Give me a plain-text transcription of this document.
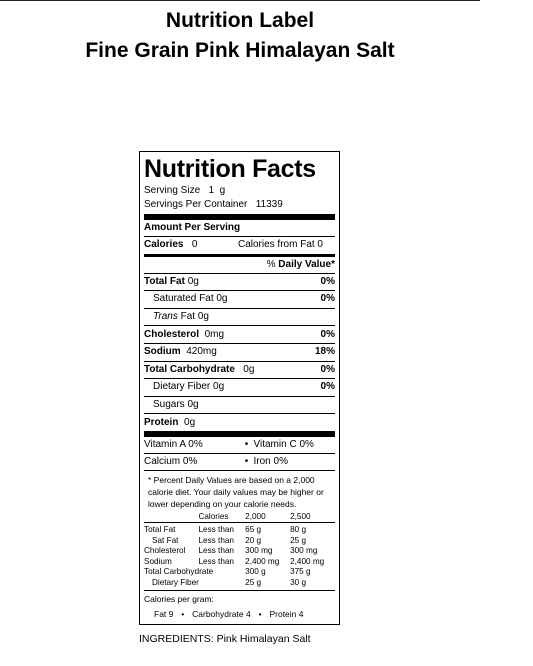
Nutrition Label
Fine Grain Pink Himalayan Salt
Nutrition Facts
Serving Size   1  g
Servings Per Container   11339
Amount Per Serving
Calories 0	Calories from Fat 0
% Daily Value*
Total Fat 0g	0%
Saturated Fat 0g	0%
Trans Fat 0g
Cholesterol 0mg	0%
Sodium 420mg	18%
Total Carbohydrate 0g	0%
Dietary Fiber 0g	0%
Sugars 0g
Protein 0g
Vitamin A 0%	• Vitamin C 0%
Calcium 0%	• Iron 0%
* Percent Daily Values are based on a 2,000 calorie diet. Your daily values may be higher or lower depending on your calorie needs.
	Calories	2,000	2,500

Total Fat	Less than	65 g	80 g
Sat Fat	Less than	20 g	25 g
Cholesterol	Less than	300 mg	300 mg
Sodium	Less than	2,400 mg	2,400 mg
Total Carbohydrate		300 g	375 g
Dietary Fiber		25 g	30 g
Calories per gram:
Fat 9 • Carbohydrate 4 • Protein 4
INGREDIENTS: Pink Himalayan Salt
